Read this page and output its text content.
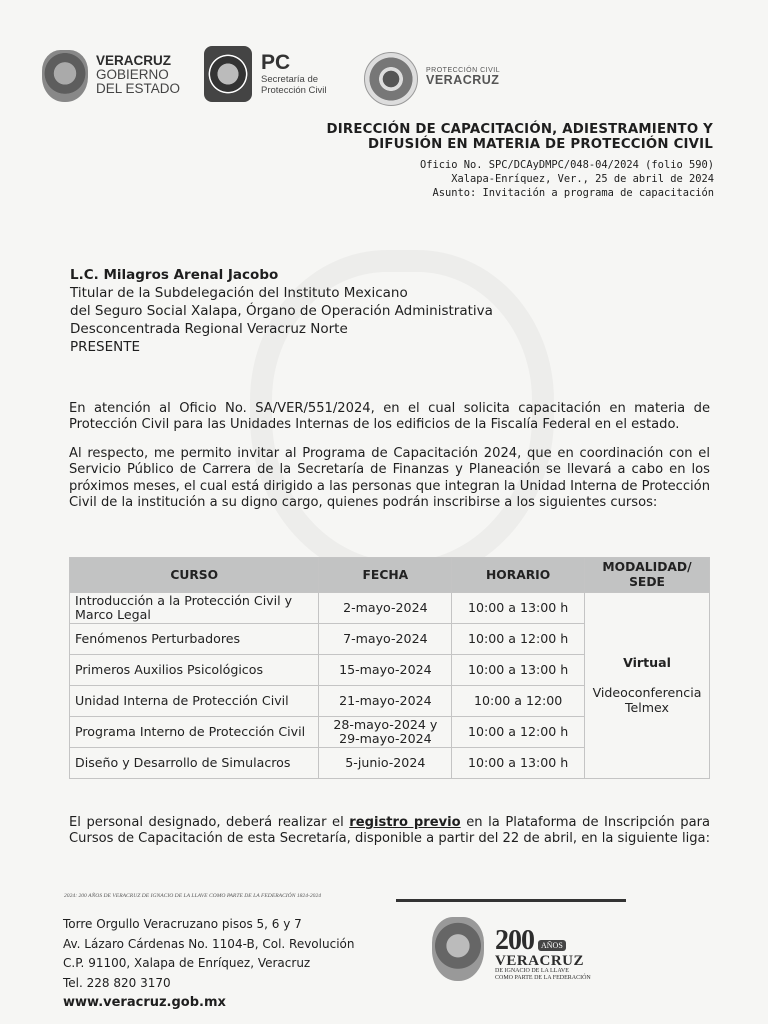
VERACRUZ
GOBIERNO
DEL ESTADO
PC
Secretaría de
Protección Civil
PROTECCIÓN CIVIL
VERACRUZ
DIRECCIÓN DE CAPACITACIÓN, ADIESTRAMIENTO Y
DIFUSIÓN EN MATERIA DE PROTECCIÓN CIVIL
Oficio No. SPC/DCAyDMPC/048-04/2024 (folio 590)
Xalapa-Enríquez, Ver., 25 de abril de 2024
Asunto: Invitación a programa de capacitación
L.C. Milagros Arenal Jacobo
Titular de la Subdelegación del Instituto Mexicano
del Seguro Social Xalapa, Órgano de Operación Administrativa
Desconcentrada Regional Veracruz Norte
PRESENTE
En atención al Oficio No. SA/VER/551/2024, en el cual solicita capacitación en materia de Protección Civil para las Unidades Internas de los edificios de la Fiscalía Federal en el estado.
Al respecto, me permito invitar al Programa de Capacitación 2024, que en coordinación con el Servicio Público de Carrera de la Secretaría de Finanzas y Planeación se llevará a cabo en los próximos meses, el cual está dirigido a las personas que integran la Unidad Interna de Protección Civil de la institución a su digno cargo, quienes podrán inscribirse a los siguientes cursos:
CURSO	FECHA	HORARIO	MODALIDAD/ SEDE
Introducción a la Protección Civil y Marco Legal	2-mayo-2024	10:00 a 13:00 h	Virtual
Videoconferencia Telmex
Fenómenos Perturbadores	7-mayo-2024	10:00 a 12:00 h	
Primeros Auxilios Psicológicos	15-mayo-2024	10:00 a 13:00 h	
Unidad Interna de Protección Civil	21-mayo-2024	10:00 a 12:00	
Programa Interno de Protección Civil	28-mayo-2024 y 29-mayo-2024	10:00 a 12:00 h	
Diseño y Desarrollo de Simulacros	5-junio-2024	10:00 a 13:00 h	
El personal designado, deberá realizar el registro previo en la Plataforma de Inscripción para Cursos de Capacitación de esta Secretaría, disponible a partir del 22 de abril, en la siguiente liga:
2024: 200 AÑOS DE VERACRUZ DE IGNACIO DE LA LLAVE COMO PARTE DE LA FEDERACIÓN 1824-2024
Torre Orgullo Veracruzano pisos 5, 6 y 7
Av. Lázaro Cárdenas No. 1104-B, Col. Revolución
C.P. 91100, Xalapa de Enríquez, Veracruz
Tel. 228 820 3170
www.veracruz.gob.mx
200 AÑOS
VERACRUZ
DE IGNACIO DE LA LLAVE
COMO PARTE DE LA FEDERACIÓN
